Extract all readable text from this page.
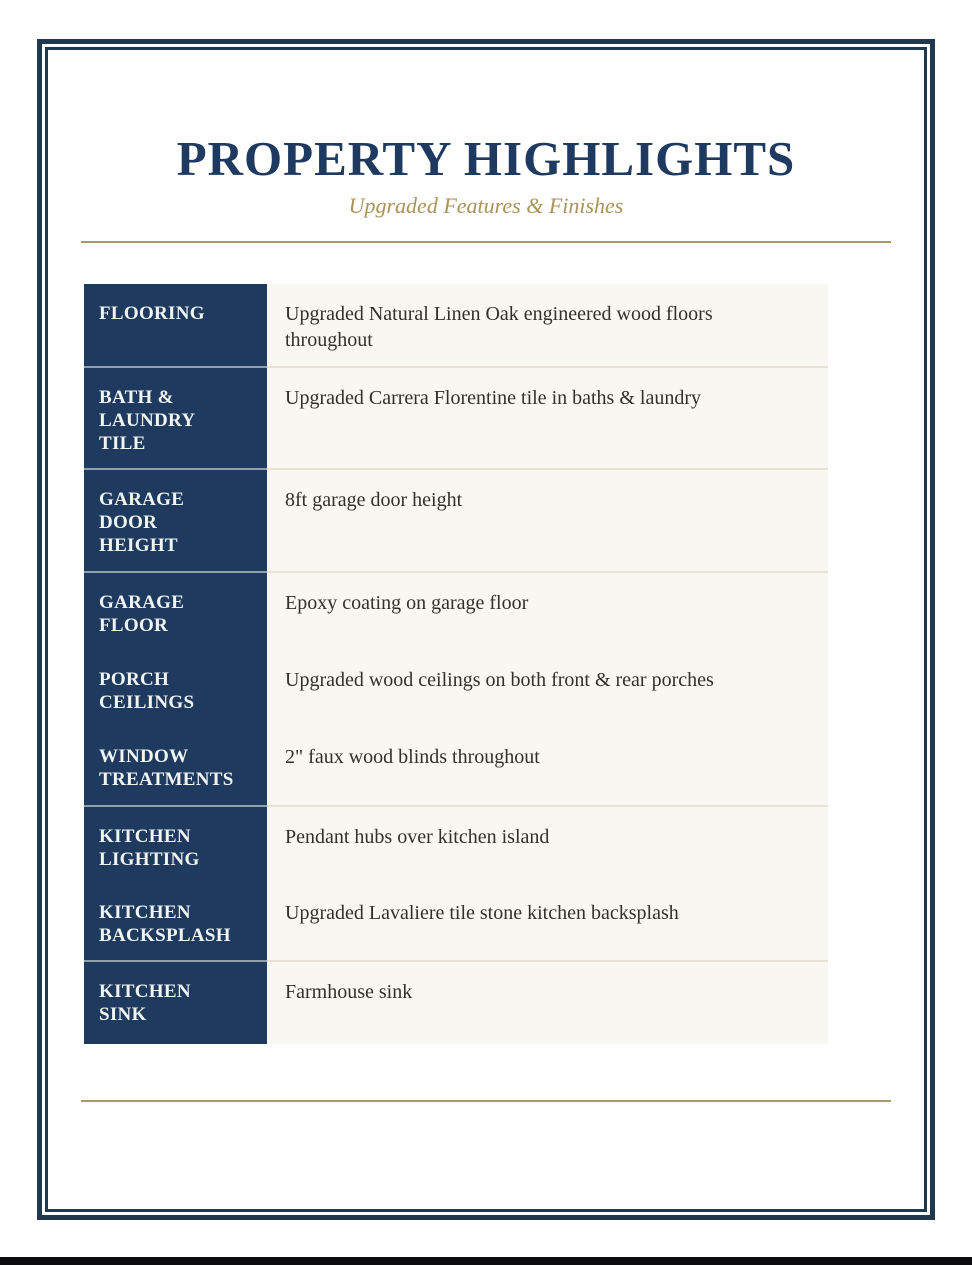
PROPERTY HIGHLIGHTS

Upgraded Features & Finishes

FLOORING	Upgraded Natural Linen Oak engineered wood floors throughout
BATH & LAUNDRY TILE
Upgraded Carrera Florentine tile in baths & laundry
GARAGE DOOR HEIGHT
8ft garage door height
GARAGE FLOOR
Epoxy coating on garage floor
PORCH CEILINGS
Upgraded wood ceilings on both front & rear porches
WINDOW TREATMENTS
2" faux wood blinds throughout
KITCHEN LIGHTING
Pendant hubs over kitchen island
KITCHEN BACKSPLASH
Upgraded Lavaliere tile stone kitchen backsplash
KITCHEN SINK
Farmhouse sink
